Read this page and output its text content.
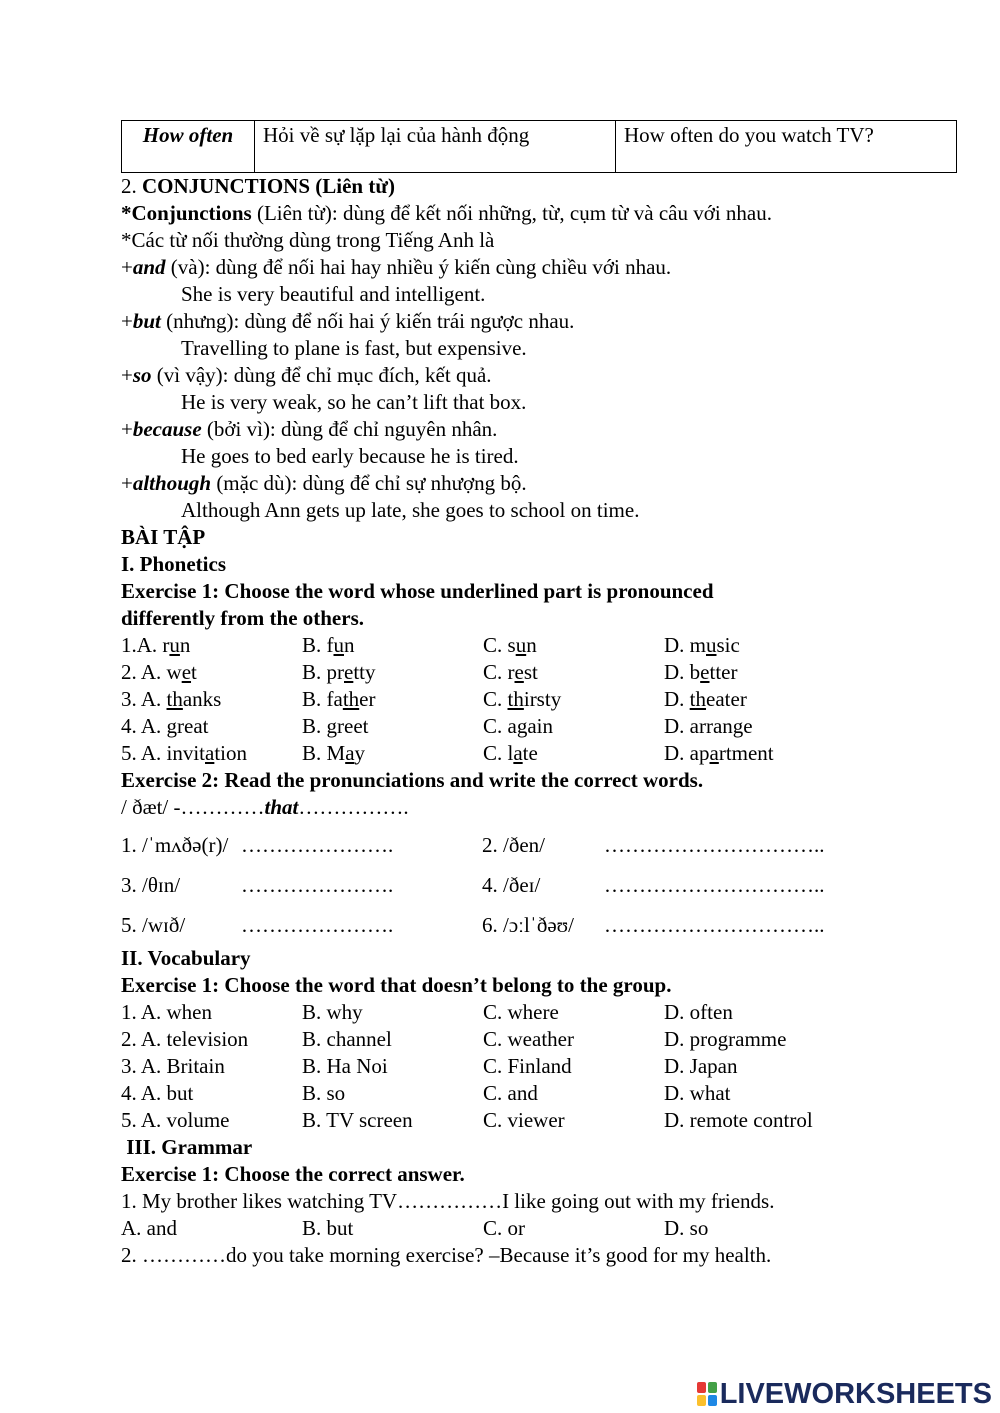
How often	Hỏi về sự lặp lại của hành động	How often do you watch TV?
2. CONJUNCTIONS (Liên từ)
*Conjunctions (Liên từ): dùng để kết nối những, từ, cụm từ và câu với nhau.
*Các từ nối thường dùng trong Tiếng Anh là
+and (và): dùng để nối hai hay nhiều ý kiến cùng chiều với nhau.
She is very beautiful and intelligent.
+but (nhưng): dùng để nối hai ý kiến trái ngược nhau.
Travelling to plane is fast, but expensive.
+so (vì vậy): dùng để chỉ mục đích, kết quả.
He is very weak, so he can’t lift that box.
+because (bởi vì): dùng để chỉ nguyên nhân.
He goes to bed early because he is tired.
+although (mặc dù): dùng để chỉ sự nhượng bộ.
Although Ann gets up late, she goes to school on time.
BÀI TẬP
I. Phonetics
Exercise 1: Choose the word whose underlined part is pronounced
differently from the others.
1.A. run	B. fun	C. sun	D. music
2. A. wet	B. pretty	C. rest	D. better
3. A. thanks	B. father	C. thirsty	D. theater
4. A. great	B. greet	C. again	D. arrange
5. A. invitation	B. May	C. late	D. apartment
Exercise 2: Read the pronunciations and write the correct words.
/ ðæt/ -…………that…………….
1. /ˈmʌðə(r)/ ………………….	2. /ðen/	…………………………..
3. /θɪn/	………………….	4. /ðeɪ/	…………………………..
5. /wɪð/	………………….	6. /ɔːlˈðəʊ/	…………………………..
II. Vocabulary
Exercise 1: Choose the word that doesn’t belong to the group.
1. A. when	B. why	C. where	D. often
2. A. television	B. channel	C. weather	D. programme
3. A. Britain	B. Ha Noi	C. Finland	D. Japan
4. A. but	B. so	C. and	D. what
5. A. volume	B. TV screen	C. viewer	D. remote control
III. Grammar
Exercise 1: Choose the correct answer.
1. My brother likes watching TV……………I like going out with my friends.
A. and	B. but	C. or	D. so
2. …………do you take morning exercise? –Because it’s good for my health.
LIVEWORKSHEETS
